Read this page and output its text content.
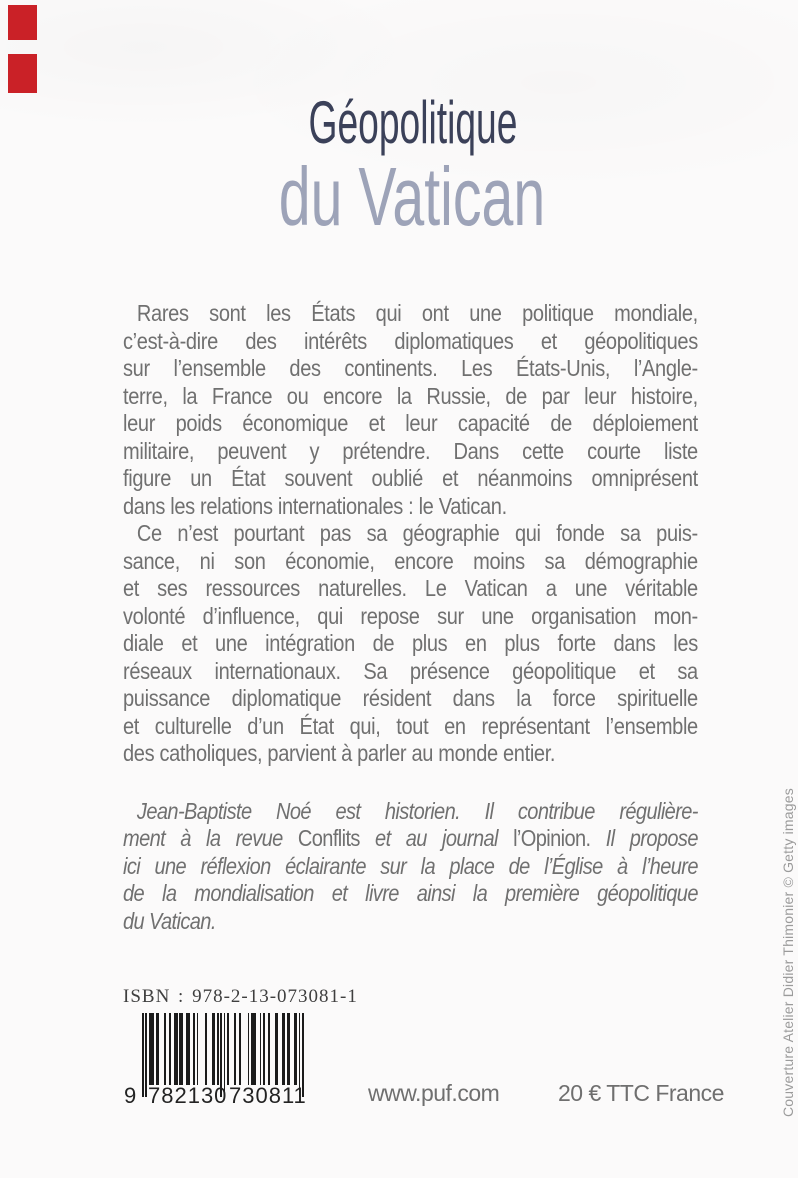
Géopolitique
du Vatican
Rares sont les États qui ont une politique mondiale,
c’est-à-dire des intérêts diplomatiques et géopolitiques
sur l’ensemble des continents. Les États-Unis, l’Angle-
terre, la France ou encore la Russie, de par leur histoire,
leur poids économique et leur capacité de déploiement
militaire, peuvent y prétendre. Dans cette courte liste
figure un État souvent oublié et néanmoins omniprésent
dans les relations internationales : le Vatican.
Ce n’est pourtant pas sa géographie qui fonde sa puis-
sance, ni son économie, encore moins sa démographie
et ses ressources naturelles. Le Vatican a une véritable
volonté d’influence, qui repose sur une organisation mon-
diale et une intégration de plus en plus forte dans les
réseaux internationaux. Sa présence géopolitique et sa
puissance diplomatique résident dans la force spirituelle
et culturelle d’un État qui, tout en représentant l’ensemble
des catholiques, parvient à parler au monde entier.
Jean-Baptiste Noé est historien. Il contribue régulière-
ment à la revue Conflits et au journal l’Opinion. Il propose
ici une réflexion éclairante sur la place de l’Église à l’heure
de la mondialisation et livre ainsi la première géopolitique
du Vatican.
ISBN : 978-2-13-073081-1
9 782130 730811	www.puf.com	20 € TTC France	Couverture Atelier Didier Thimonier © Getty images
